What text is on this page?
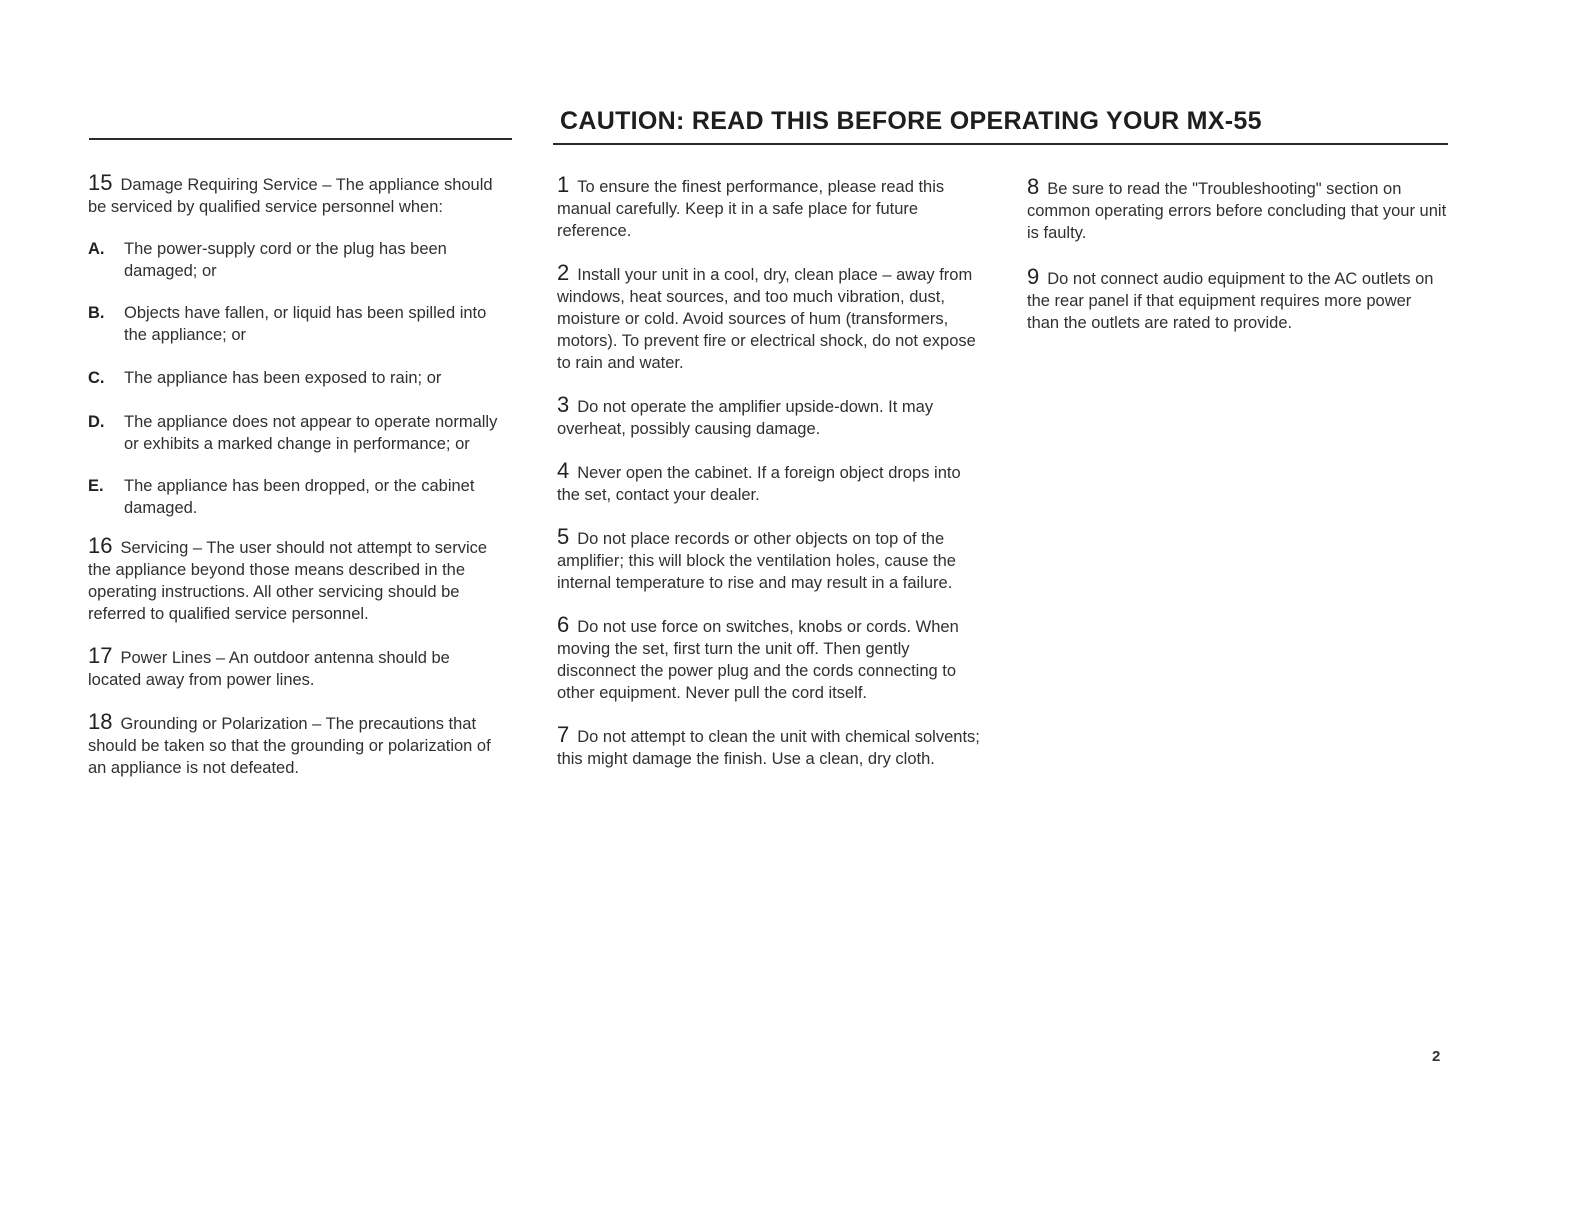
CAUTION: READ THIS BEFORE OPERATING YOUR MX-55

15 Damage Requiring Service – The appliance should be serviced by qualified service personnel when:

A. The power-supply cord or the plug has been damaged; or
B. Objects have fallen, or liquid has been spilled into the appliance; or
C. The appliance has been exposed to rain; or
D. The appliance does not appear to operate normally or exhibits a marked change in performance; or
E. The appliance has been dropped, or the cabinet damaged.

16 Servicing – The user should not attempt to service the appliance beyond those means described in the operating instructions. All other servicing should be referred to qualified service personnel.

17 Power Lines – An outdoor antenna should be located away from power lines.

18 Grounding or Polarization – The precautions that should be taken so that the grounding or polarization of an appliance is not defeated.

1 To ensure the finest performance, please read this manual carefully. Keep it in a safe place for future reference.

2 Install your unit in a cool, dry, clean place – away from windows, heat sources, and too much vibration, dust, moisture or cold. Avoid sources of hum (transformers, motors). To prevent fire or electrical shock, do not expose to rain and water.

3 Do not operate the amplifier upside-down. It may overheat, possibly causing damage.

4 Never open the cabinet. If a foreign object drops into the set, contact your dealer.

5 Do not place records or other objects on top of the amplifier; this will block the ventilation holes, cause the internal temperature to rise and may result in a failure.

6 Do not use force on switches, knobs or cords. When moving the set, first turn the unit off. Then gently disconnect the power plug and the cords connecting to other equipment. Never pull the cord itself.

7 Do not attempt to clean the unit with chemical solvents; this might damage the finish. Use a clean, dry cloth.

8 Be sure to read the "Troubleshooting" section on common operating errors before concluding that your unit is faulty.

9 Do not connect audio equipment to the AC outlets on the rear panel if that equipment requires more power than the outlets are rated to provide.

2
